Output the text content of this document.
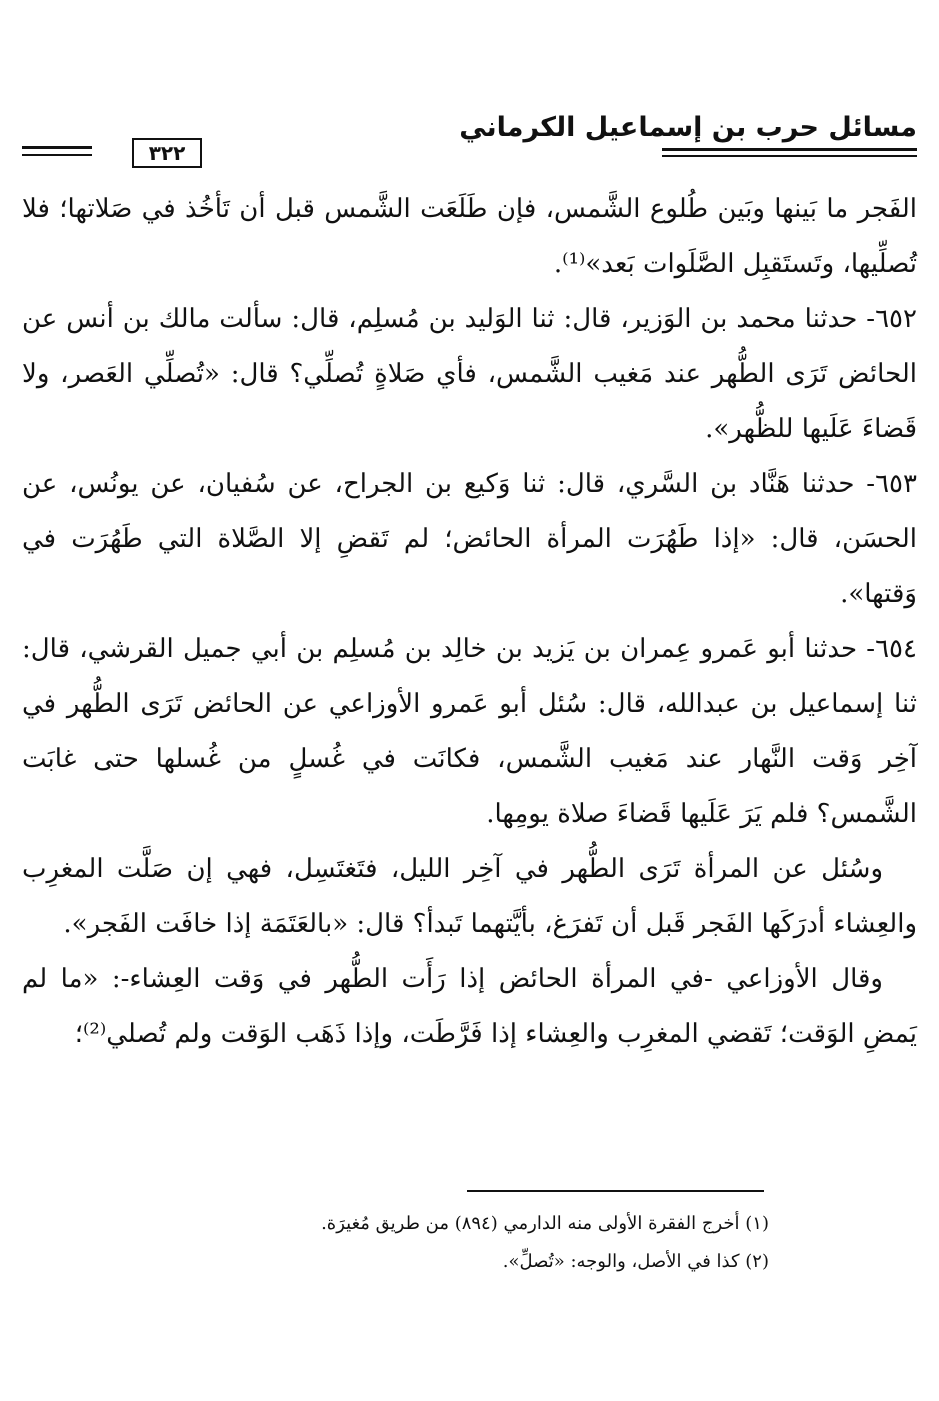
مسائل حرب بن إسماعيل الكرماني
٣٢٢

الفَجر ما بَينها وبَين طُلوع الشَّمس، فإن طَلَعَت الشَّمس قبل أن تَأخُذ في صَلاتها؛ فلا تُصلِّيها، وتَستَقبِل الصَّلَوات بَعد»⁽¹⁾.

٦٥٢- حدثنا محمد بن الوَزير، قال: ثنا الوَليد بن مُسلِم، قال: سألت مالك بن أنس عن الحائض تَرَى الطُّهر عند مَغيب الشَّمس، فأي صَلاةٍ تُصلِّي؟ قال: «تُصلِّي العَصر، ولا قَضاءَ عَلَيها للظُّهر».

٦٥٣- حدثنا هَنَّاد بن السَّري، قال: ثنا وَكيع بن الجراح، عن سُفيان، عن يونُس، عن الحسَن، قال: «إذا طَهُرَت المرأة الحائض؛ لم تَقضِ إلا الصَّلاة التي طَهُرَت في وَقتها».

٦٥٤- حدثنا أبو عَمرو عِمران بن يَزيد بن خالِد بن مُسلِم بن أبي جميل القرشي، قال: ثنا إسماعيل بن عبدالله، قال: سُئل أبو عَمرو الأوزاعي عن الحائض تَرَى الطُّهر في آخِر وَقت النَّهار عند مَغيب الشَّمس، فكانَت في غُسلٍ من غُسلها حتى غابَت الشَّمس؟ فلم يَرَ عَلَيها قَضاءَ صلاة يومِها.

وسُئل عن المرأة تَرَى الطُّهر في آخِر الليل، فتَغتَسِل، فهي إن صَلَّت المغرِب والعِشاء أدرَكَها الفَجر قَبل أن تَفرَغ، بأيَّتهما تَبدأ؟ قال: «بالعَتَمَة إذا خافَت الفَجر».

وقال الأوزاعي -في المرأة الحائض إذا رَأَت الطُّهر في وَقت العِشاء-: «ما لم يَمضِ الوَقت؛ تَقضي المغرِب والعِشاء إذا فَرَّطَت، وإذا ذَهَب الوَقت ولم تُصلي⁽²⁾؛

(١) أخرج الفقرة الأولى منه الدارمي (٨٩٤) من طريق مُغيرَة.

(٢) كذا في الأصل، والوجه: «تُصلِّ».
